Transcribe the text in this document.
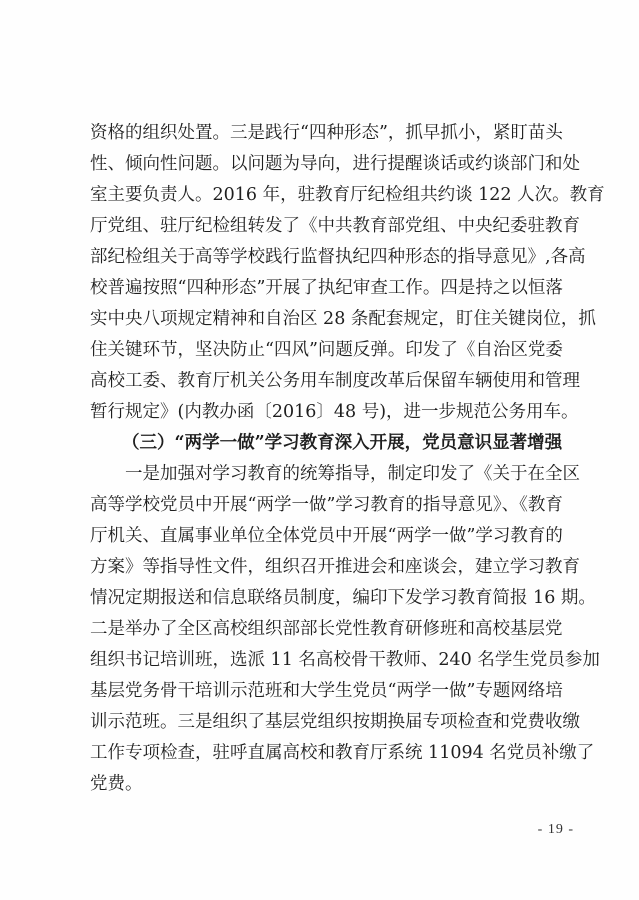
资格的组织处置。三是践行“四种形态”，抓早抓小，紧盯苗头
性、倾向性问题。以问题为导向，进行提醒谈话或约谈部门和处
室主要负责人。2016 年，驻教育厅纪检组共约谈 122 人次。教育
厅党组、驻厅纪检组转发了《中共教育部党组、中央纪委驻教育
部纪检组关于高等学校践行监督执纪四种形态的指导意见》,各高
校普遍按照“四种形态”开展了执纪审查工作。四是持之以恒落
实中央八项规定精神和自治区 28 条配套规定，盯住关键岗位，抓
住关键环节，坚决防止“四风”问题反弹。印发了《自治区党委
高校工委、教育厅机关公务用车制度改革后保留车辆使用和管理
暂行规定》(内教办函〔2016〕48 号)，进一步规范公务用车。
（三）“两学一做”学习教育深入开展，党员意识显著增强
一是加强对学习教育的统筹指导，制定印发了《关于在全区
高等学校党员中开展“两学一做”学习教育的指导意见》、《教育
厅机关、直属事业单位全体党员中开展“两学一做”学习教育的
方案》等指导性文件，组织召开推进会和座谈会，建立学习教育
情况定期报送和信息联络员制度，编印下发学习教育简报 16 期。
二是举办了全区高校组织部部长党性教育研修班和高校基层党
组织书记培训班，选派 11 名高校骨干教师、240 名学生党员参加
基层党务骨干培训示范班和大学生党员“两学一做”专题网络培
训示范班。三是组织了基层党组织按期换届专项检查和党费收缴
工作专项检查，驻呼直属高校和教育厅系统 11094 名党员补缴了
党费。
- 19 -
